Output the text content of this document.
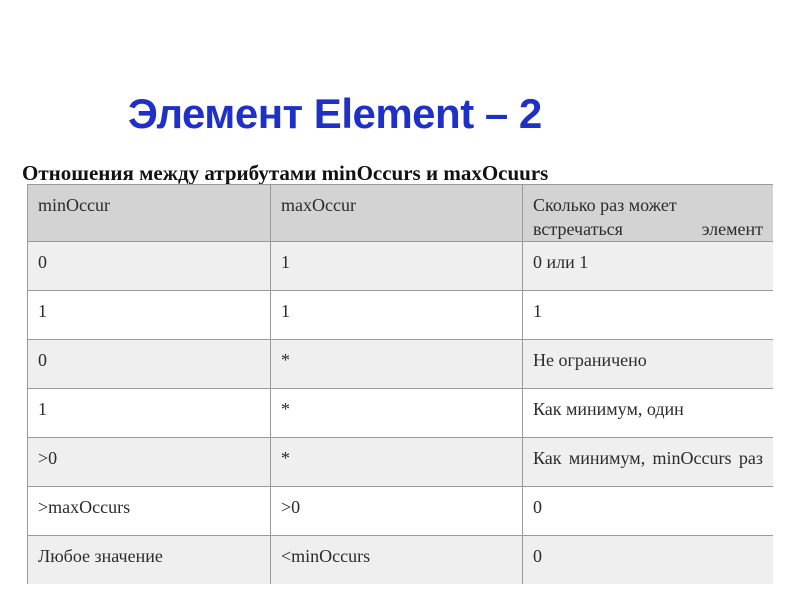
Элемент Element – 2

Отношения между атрибутами minOccurs и maxOcuurs

minOccur	maxOccur	Сколько раз может встречаться элемент
0	1	0 или 1
1	1	1
0	*	Не ограничено
1	*	Как минимум, один
>0	*	Как минимум, minOccurs раз
>maxOccurs	>0	0
Любое значение	<minOccurs	0
